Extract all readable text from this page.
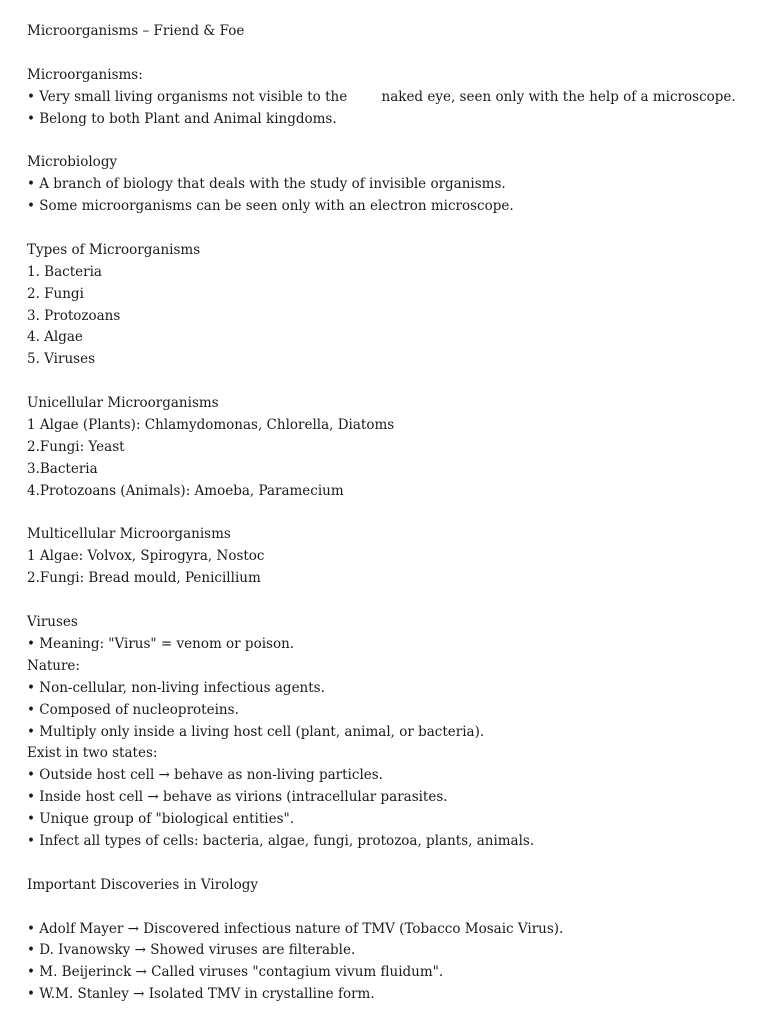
Microorganisms – Friend & Foe
Microorganisms:
• Very small living organisms not visible to the        naked eye, seen only with the help of a microscope.
• Belong to both Plant and Animal kingdoms.
Microbiology
• A branch of biology that deals with the study of invisible organisms.
• Some microorganisms can be seen only with an electron microscope.
Types of Microorganisms
1. Bacteria
2. Fungi
3. Protozoans
4. Algae
5. Viruses
Unicellular Microorganisms
1 Algae (Plants): Chlamydomonas, Chlorella, Diatoms
2.Fungi: Yeast
3.Bacteria
4.Protozoans (Animals): Amoeba, Paramecium
Multicellular Microorganisms
1 Algae: Volvox, Spirogyra, Nostoc
2.Fungi: Bread mould, Penicillium
Viruses
• Meaning: "Virus" = venom or poison.
Nature:
• Non-cellular, non-living infectious agents.
• Composed of nucleoproteins.
• Multiply only inside a living host cell (plant, animal, or bacteria).
Exist in two states:
• Outside host cell → behave as non-living particles.
• Inside host cell → behave as virions (intracellular parasites.
• Unique group of "biological entities".
• Infect all types of cells: bacteria, algae, fungi, protozoa, plants, animals.
Important Discoveries in Virology
• Adolf Mayer → Discovered infectious nature of TMV (Tobacco Mosaic Virus).
• D. Ivanowsky → Showed viruses are filterable.
• M. Beijerinck → Called viruses "contagium vivum fluidum".
• W.M. Stanley → Isolated TMV in crystalline form.
